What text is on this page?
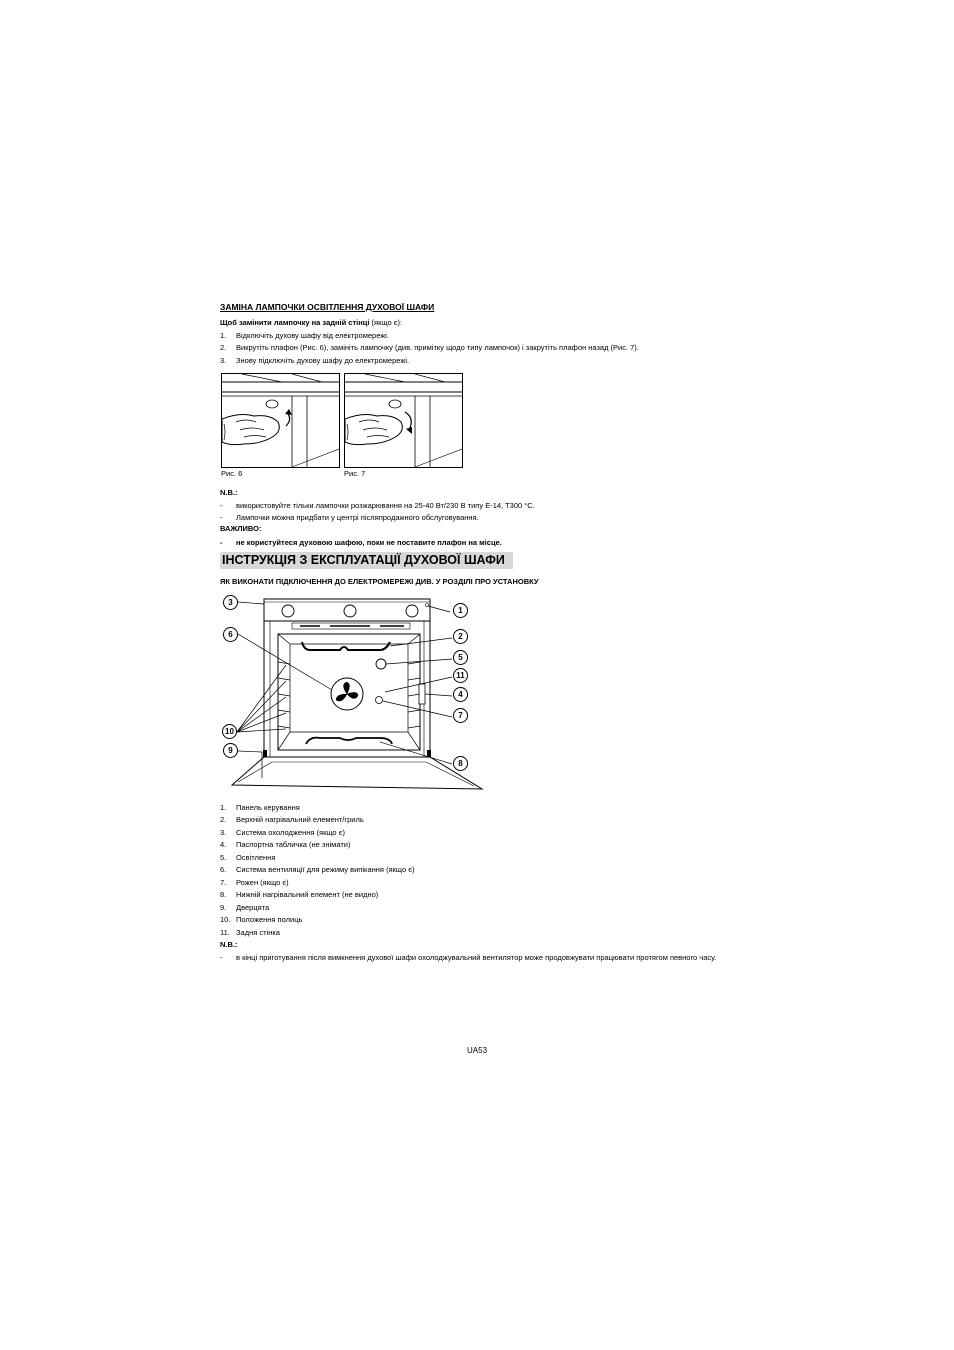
ЗАМІНА ЛАМПОЧКИ ОСВІТЛЕННЯ ДУХОВОЇ ШАФИ
Щоб замінити лампочку на задній стінці (якщо є):
1. Відключіть духову шафу від електромережі.
2. Викрутіть плафон (Рис. 6), замініть лампочку (див. примітку щодо типу лампочок) і закрутіть плафон назад (Рис. 7).
3. Знову підключіть духову шафу до електромережі.
Рис. 6	Рис. 7
N.B.:
- використовуйте тільки лампочки розжарювання на 25-40 Вт/230 В типу E-14, T300 °C.
- Лампочки можна придбати у центрі післяпродажного обслуговування.
ВАЖЛИВО:
- не користуйтеся духовою шафою, поки не поставите плафон на місце.
ІНСТРУКЦІЯ З ЕКСПЛУАТАЦІЇ ДУХОВОЇ ШАФИ
ЯК ВИКОНАТИ ПІДКЛЮЧЕННЯ ДО ЕЛЕКТРОМЕРЕЖІ ДИВ. У РОЗДІЛІ ПРО УСТАНОВКУ
3
1
6	2
5
11
4
7
10
9
8
1. Панель керування
2. Верхній нагрівальний елемент/гриль
3. Система охолодження (якщо є)
4. Паспортна табличка (не знімати)
5. Освітлення
6. Система вентиляції для режиму випікання (якщо є)
7. Рожен (якщо є)
8. Нижній нагрівальний елемент (не видно)
9. Дверцята
10. Положення полиць
11. Задня стінка
N.B.:
- в кінці приготування після вимкнення духової шафи охолоджувальний вентилятор може продовжувати працювати протягом певного часу.
UA53
